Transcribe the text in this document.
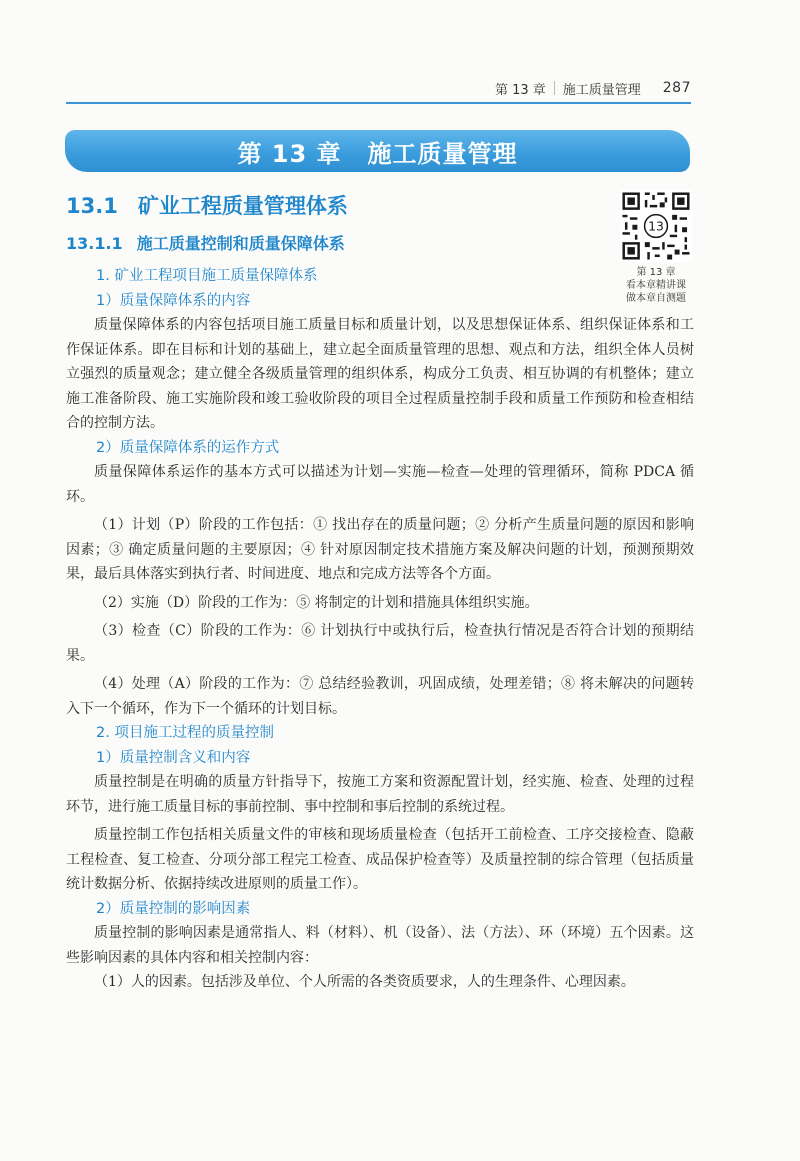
第 13 章 施工质量管理 287
第 13 章 施工质量管理
13.1 矿业工程质量管理体系
13.1.1 施工质量控制和质量保障体系
13
第 13 章
看本章精讲课
做本章自测题

1. 矿业工程项目施工质量保障体系

1）质量保障体系的内容

质量保障体系的内容包括项目施工质量目标和质量计划，以及思想保证体系、组织保证体系和工作保证体系。即在目标和计划的基础上，建立起全面质量管理的思想、观点和方法，组织全体人员树立强烈的质量观念；建立健全各级质量管理的组织体系，构成分工负责、相互协调的有机整体；建立施工准备阶段、施工实施阶段和竣工验收阶段的项目全过程质量控制手段和质量工作预防和检查相结合的控制方法。

2）质量保障体系的运作方式

质量保障体系运作的基本方式可以描述为计划—实施—检查—处理的管理循环，简称 PDCA 循环。

（1）计划（P）阶段的工作包括：① 找出存在的质量问题；② 分析产生质量问题的原因和影响因素；③ 确定质量问题的主要原因；④ 针对原因制定技术措施方案及解决问题的计划，预测预期效果，最后具体落实到执行者、时间进度、地点和完成方法等各个方面。

（2）实施（D）阶段的工作为：⑤ 将制定的计划和措施具体组织实施。

（3）检查（C）阶段的工作为：⑥ 计划执行中或执行后，检查执行情况是否符合计划的预期结果。

（4）处理（A）阶段的工作为：⑦ 总结经验教训，巩固成绩，处理差错；⑧ 将未解决的问题转入下一个循环，作为下一个循环的计划目标。

2. 项目施工过程的质量控制

1）质量控制含义和内容

质量控制是在明确的质量方针指导下，按施工方案和资源配置计划，经实施、检查、处理的过程环节，进行施工质量目标的事前控制、事中控制和事后控制的系统过程。

质量控制工作包括相关质量文件的审核和现场质量检查（包括开工前检查、工序交接检查、隐蔽工程检查、复工检查、分项分部工程完工检查、成品保护检查等）及质量控制的综合管理（包括质量统计数据分析、依据持续改进原则的质量工作）。

2）质量控制的影响因素

质量控制的影响因素是通常指人、料（材料）、机（设备）、法（方法）、环（环境）五个因素。这些影响因素的具体内容和相关控制内容：

（1）人的因素。包括涉及单位、个人所需的各类资质要求，人的生理条件、心理因素。
